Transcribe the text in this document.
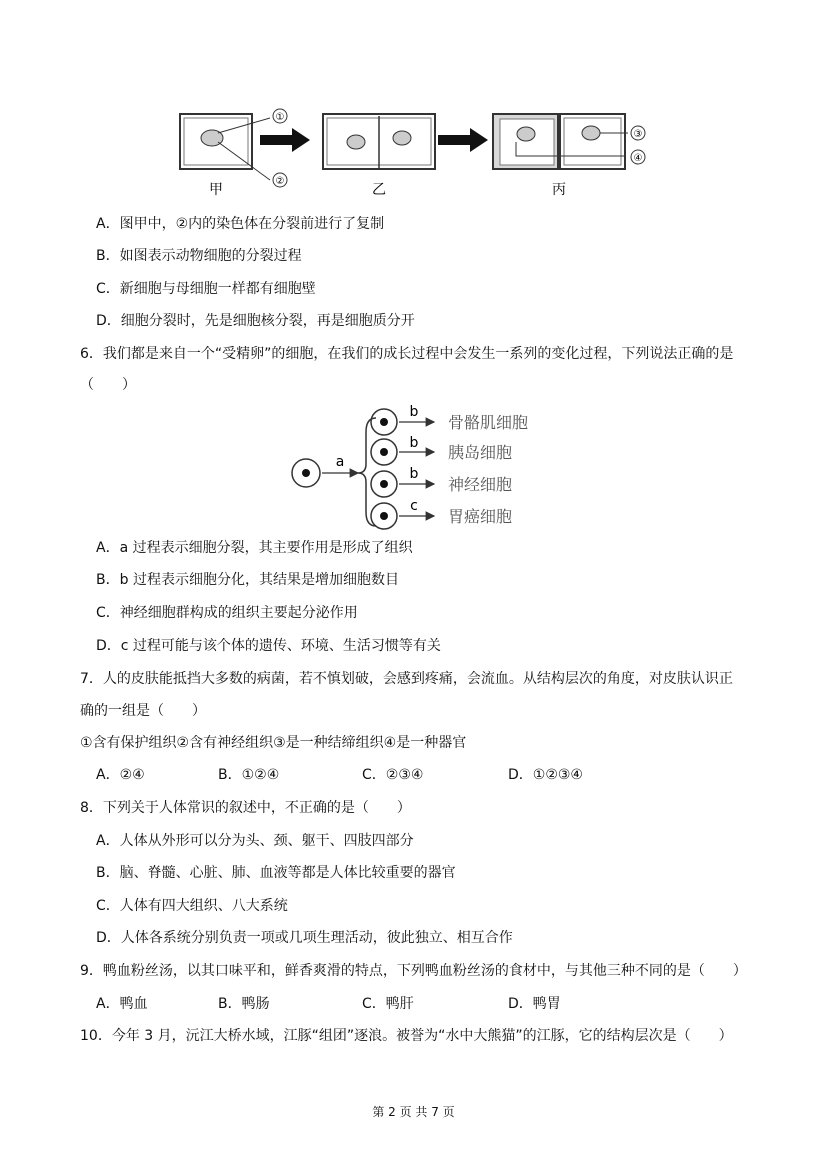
①
②
③
④
甲	乙	丙
A．图甲中，②内的染色体在分裂前进行了复制
B．如图表示动物细胞的分裂过程
C．新细胞与母细胞一样都有细胞壁
D．细胞分裂时，先是细胞核分裂，再是细胞质分开
6．我们都是来自一个“受精卵”的细胞，在我们的成长过程中会发生一系列的变化过程，下列说法正确的是
（　　）
a
b
b
b
c
骨骼肌细胞
胰岛细胞
神经细胞
胃癌细胞
A．a 过程表示细胞分裂，其主要作用是形成了组织
B．b 过程表示细胞分化，其结果是增加细胞数目
C．神经细胞群构成的组织主要起分泌作用
D．c 过程可能与该个体的遗传、环境、生活习惯等有关
7．人的皮肤能抵挡大多数的病菌，若不慎划破，会感到疼痛，会流血。从结构层次的角度，对皮肤认识正
确的一组是（　　）
①含有保护组织②含有神经组织③是一种结缔组织④是一种器官
A．②④	B．①②④	C．②③④	D．①②③④
8．下列关于人体常识的叙述中，不正确的是（　　）
A．人体从外形可以分为头、颈、躯干、四肢四部分
B．脑、脊髓、心脏、肺、血液等都是人体比较重要的器官
C．人体有四大组织、八大系统
D．人体各系统分别负责一项或几项生理活动，彼此独立、相互合作
9．鸭血粉丝汤，以其口味平和，鲜香爽滑的特点，下列鸭血粉丝汤的食材中，与其他三种不同的是（　　）
A．鸭血	B．鸭肠	C．鸭肝	D．鸭胃
10．今年 3 月，沅江大桥水域，江豚“组团”逐浪。被誉为“水中大熊猫”的江豚，它的结构层次是（　　）
第 2 页 共 7 页
